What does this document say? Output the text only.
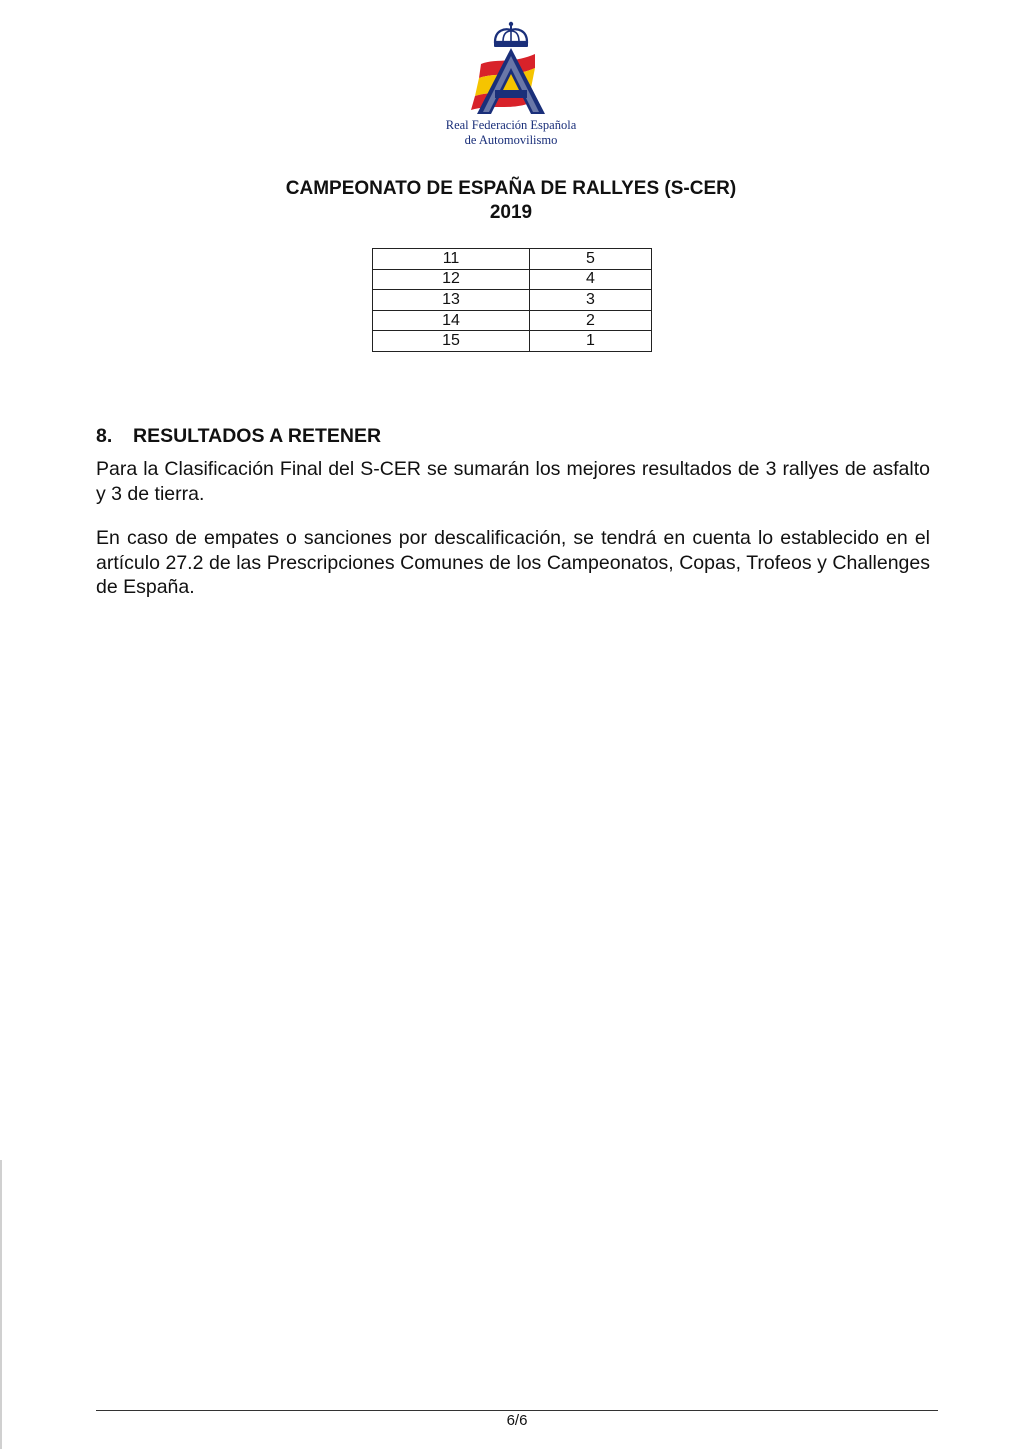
Real Federación Española
de Automovilismo
CAMPEONATO DE ESPAÑA DE RALLYES (S-CER)
2019
11	5
12	4
13	3
14	2
15	1
8. RESULTADOS A RETENER
Para la Clasificación Final del S-CER se sumarán los mejores resultados de 3 rallyes de asfalto y 3 de tierra.
En caso de empates o sanciones por descalificación, se tendrá en cuenta lo establecido en el artículo 27.2 de las Prescripciones Comunes de los Campeonatos, Copas, Trofeos y Challenges de España.
6/6
